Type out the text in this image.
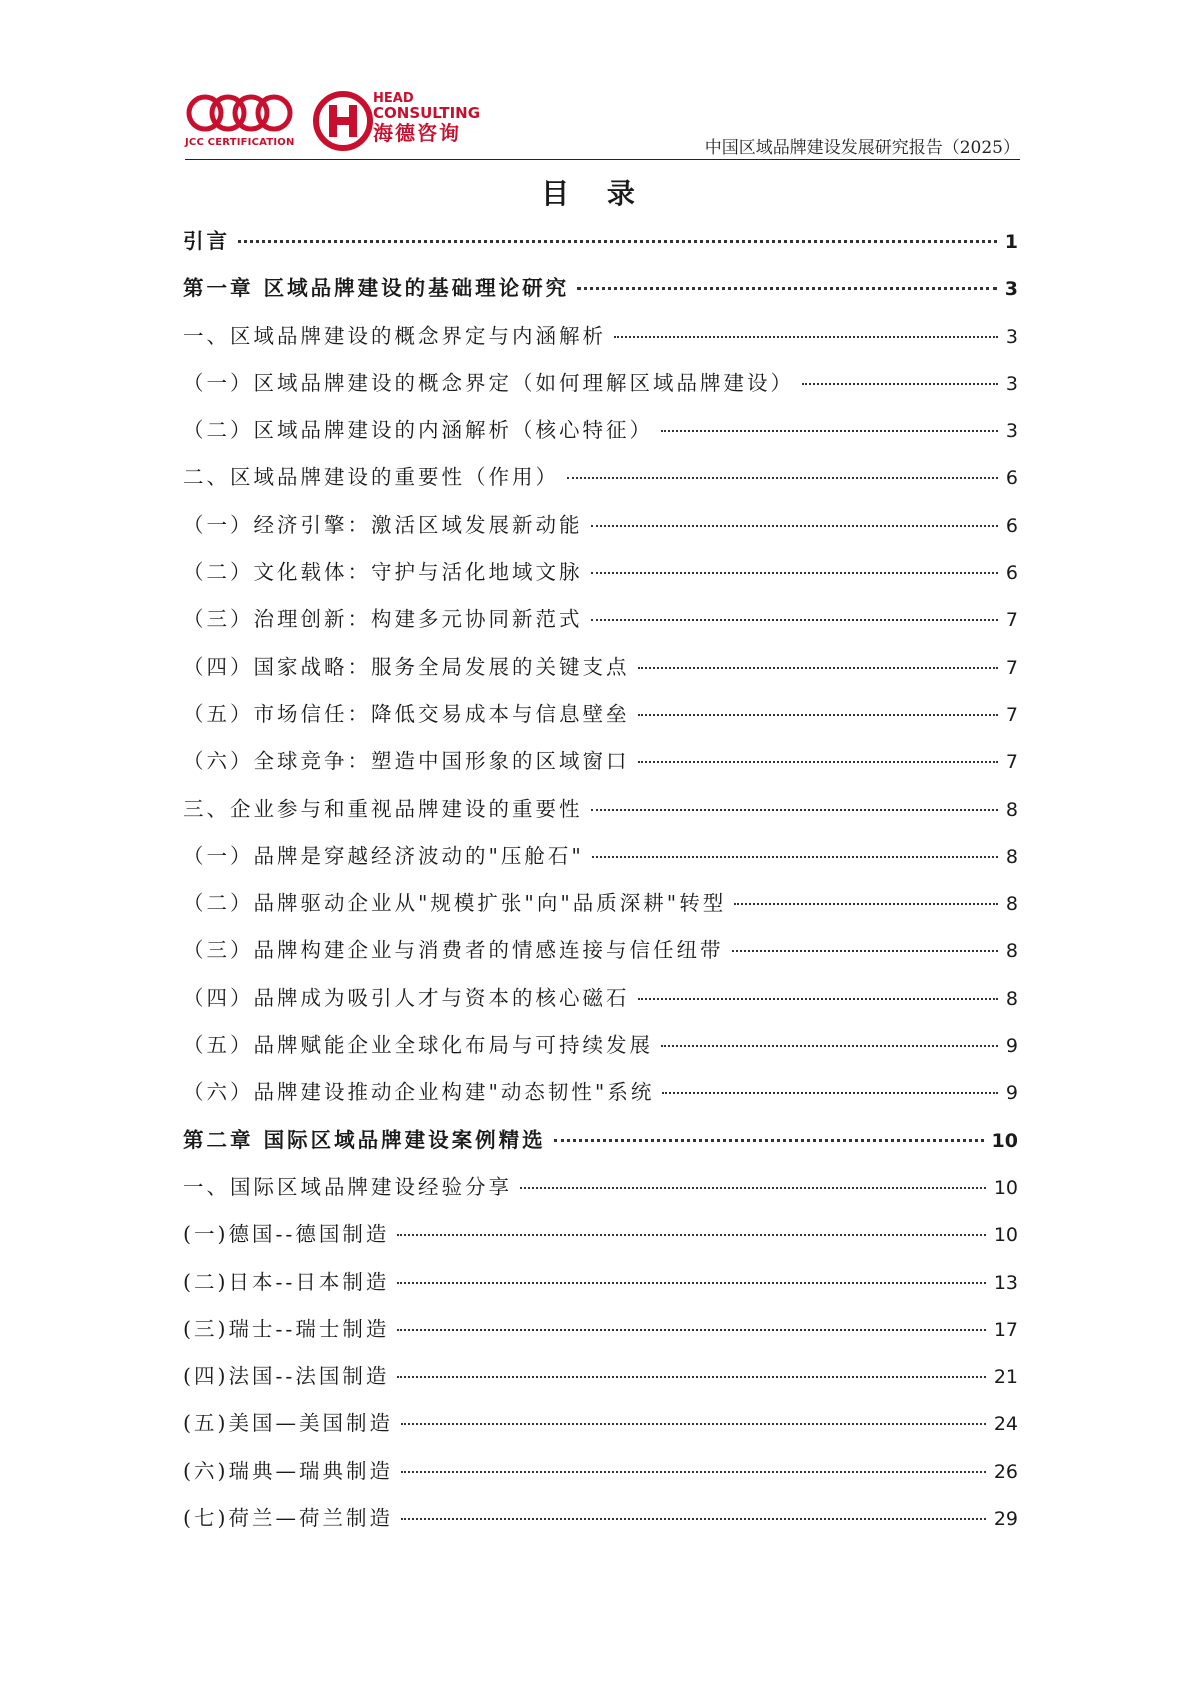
JCC CERTIFICATION
HEAD
CONSULTING
海德咨询
中国区域品牌建设发展研究报告（2025）
目 录
引言	1
第一章 区域品牌建设的基础理论研究	3
一、区域品牌建设的概念界定与内涵解析	3
（一）区域品牌建设的概念界定（如何理解区域品牌建设）	3
（二）区域品牌建设的内涵解析（核心特征）	3
二、区域品牌建设的重要性（作用）	6
（一）经济引擎：激活区域发展新动能	6
（二）文化载体：守护与活化地域文脉	6
（三）治理创新：构建多元协同新范式	7
（四）国家战略：服务全局发展的关键支点	7
（五）市场信任：降低交易成本与信息壁垒	7
（六）全球竞争：塑造中国形象的区域窗口	7
三、企业参与和重视品牌建设的重要性	8
（一）品牌是穿越经济波动的"压舱石"	8
（二）品牌驱动企业从"规模扩张"向"品质深耕"转型	8
（三）品牌构建企业与消费者的情感连接与信任纽带	8
（四）品牌成为吸引人才与资本的核心磁石	8
（五）品牌赋能企业全球化布局与可持续发展	9
（六）品牌建设推动企业构建"动态韧性"系统	9
第二章 国际区域品牌建设案例精选	10
一、国际区域品牌建设经验分享	10
(一)德国--德国制造	10
(二)日本--日本制造	13
(三)瑞士--瑞士制造	17
(四)法国--法国制造	21
(五)美国—美国制造	24
(六)瑞典—瑞典制造	26
(七)荷兰—荷兰制造	29
